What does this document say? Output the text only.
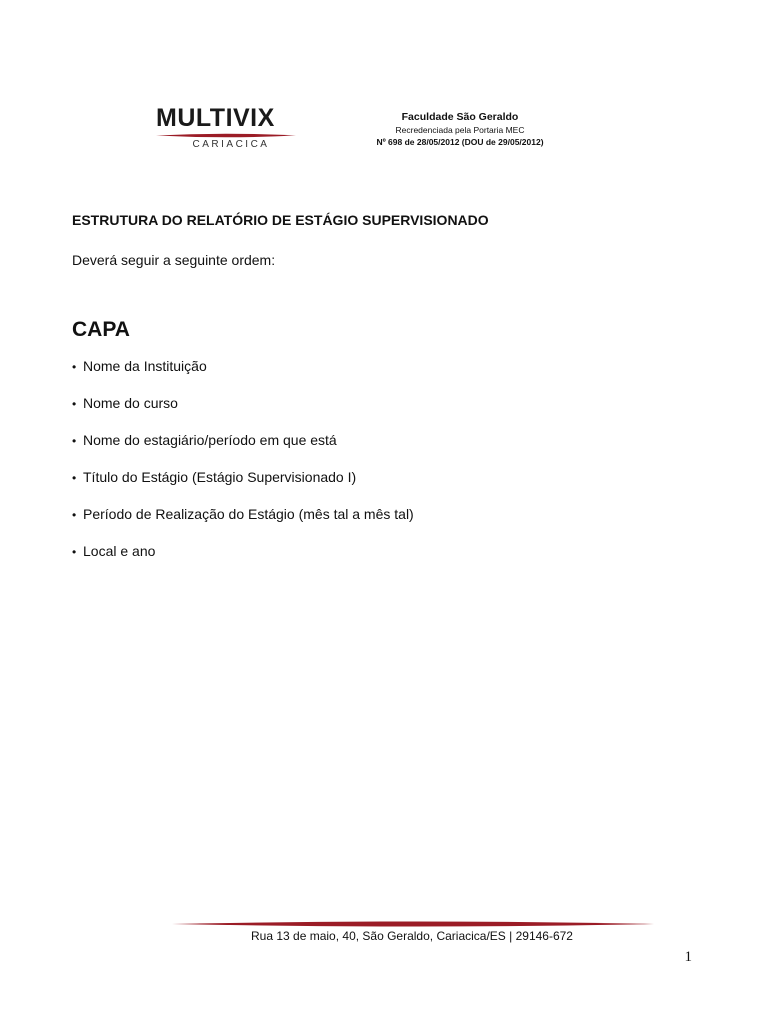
MULTIVIX
CARIACICA
Faculdade São Geraldo
Recredenciada pela Portaria MEC
Nº 698 de 28/05/2012 (DOU de 29/05/2012)
ESTRUTURA DO RELATÓRIO DE ESTÁGIO SUPERVISIONADO

Deverá seguir a seguinte ordem:

CAPA
• Nome da Instituição
• Nome do curso
• Nome do estagiário/período em que está
• Título do Estágio (Estágio Supervisionado I)
• Período de Realização do Estágio (mês tal a mês tal)
• Local e ano
Rua 13 de maio, 40, São Geraldo, Cariacica/ES | 29146-672
1
